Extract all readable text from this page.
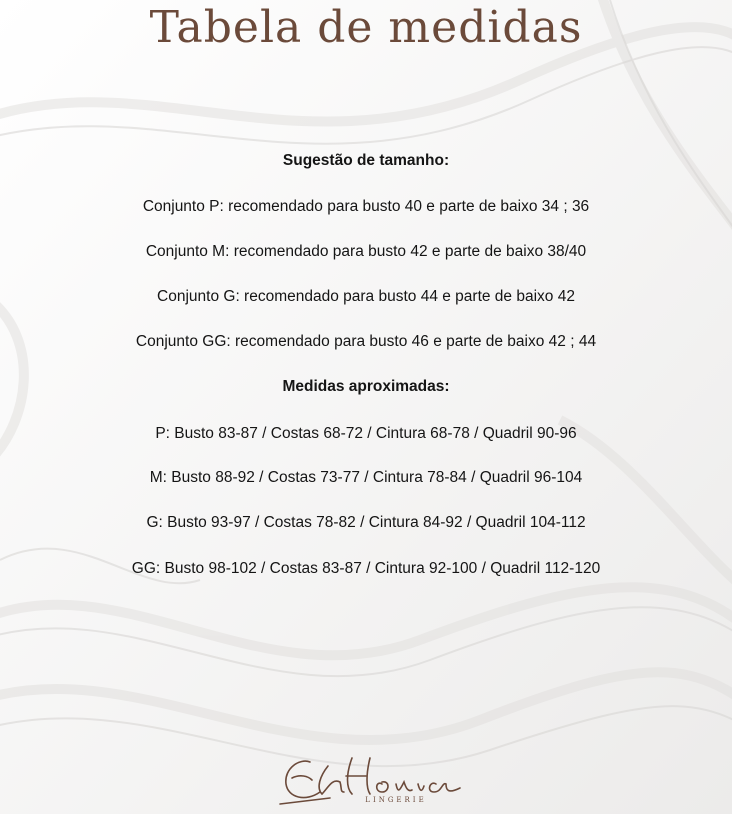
Tabela de medidas

Sugestão de tamanho:

Conjunto P: recomendado para busto 40 e parte de baixo 34 ; 36

Conjunto M: recomendado para busto 42 e parte de baixo 38/40

Conjunto G: recomendado para busto 44 e parte de baixo 42

Conjunto GG: recomendado para busto 46 e parte de baixo 42 ; 44

Medidas aproximadas:

P: Busto 83-87 / Costas 68-72 / Cintura 68-78 / Quadril 90-96

M: Busto 88-92 / Costas 73-77 / Cintura 78-84 / Quadril 96-104

G: Busto 93-97 / Costas 78-82 / Cintura 84-92 / Quadril 104-112

GG: Busto 98-102 / Costas 83-87 / Cintura 92-100 / Quadril 112-120

LINGERIE
